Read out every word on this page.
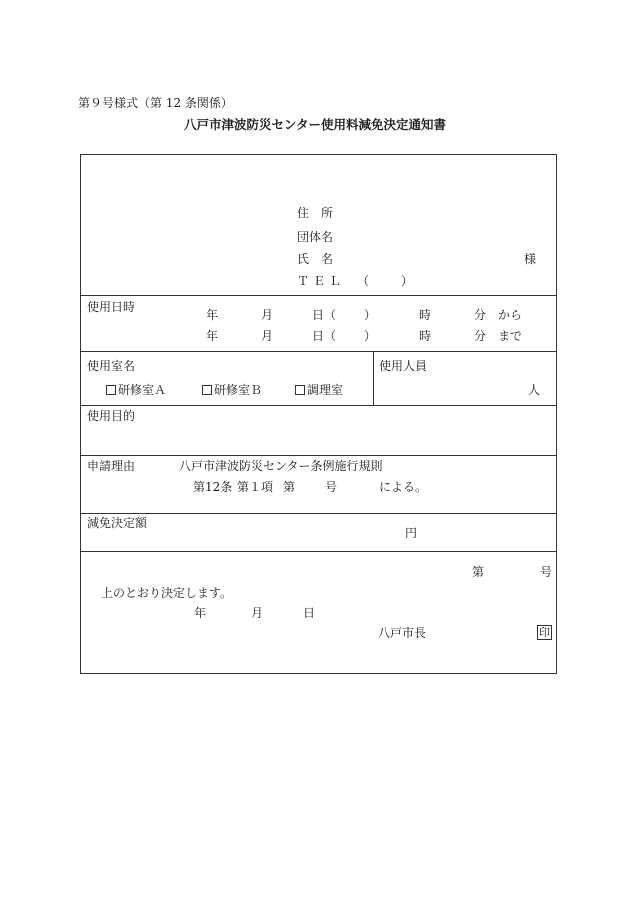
第９号様式（第 12 条関係）
八戸市津波防災センター使用料減免決定通知書
住　所
団体名
氏　名	様
ＴＥＬ （	）
使用日時
年	月	日（ ）	時	分 から
年	月	日（ ）	時	分 まで
使用室名
研修室Ａ	研修室Ｂ	調理室
使用人員
人
使用目的
申請理由	八戸市津波防災センター条例施行規則
第12条 第１項 第 号	による。
減免決定額
円
第	号
上のとおり決定します。
年	月	日
八戸市長	印
